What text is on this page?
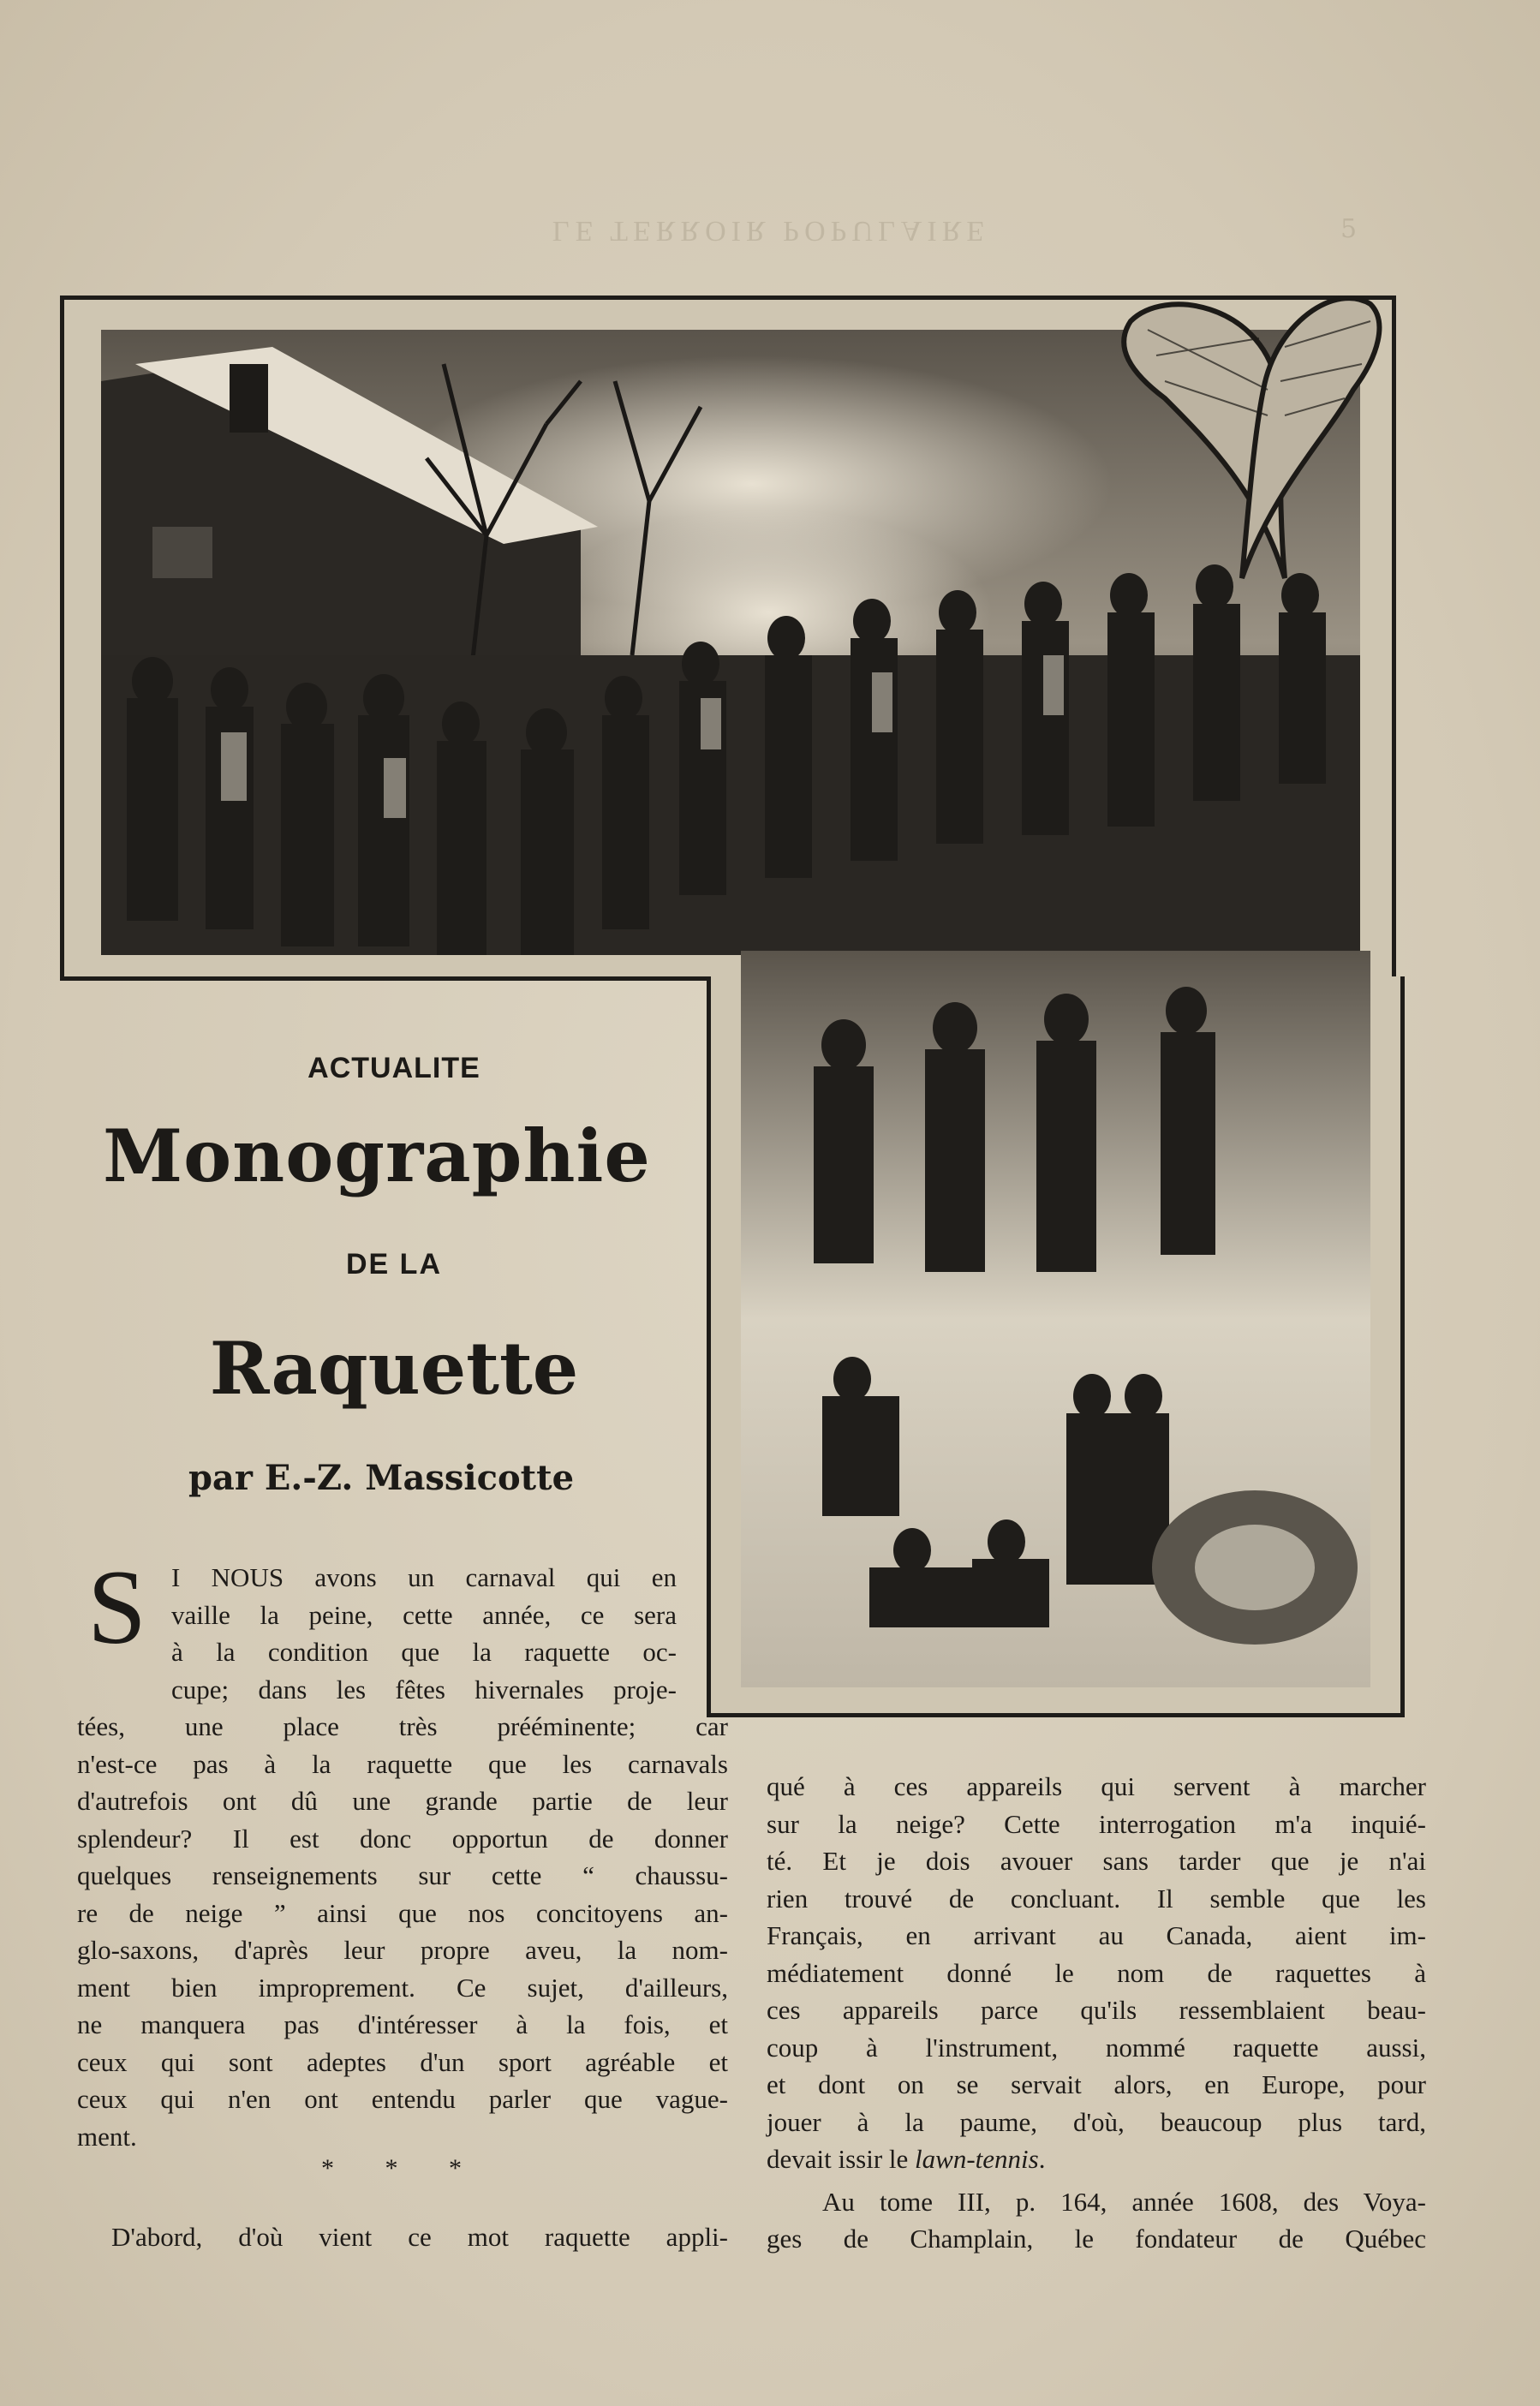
LE TERROIR POPULAIRE	5
ACTUALITE
Monographie
DE LA
Raquette
par E.-Z. Massicotte
S I NOUS avons un carnaval qui en
vaille la peine, cette année, ce sera
à la condition que la raquette oc-
cupe; dans les fêtes hivernales proje-
tées, une place très prééminente; car
n'est-ce pas à la raquette que les carnavals
d'autrefois ont dû une grande partie de leur
splendeur? Il est donc opportun de donner
quelques renseignements sur cette “ chaussu-
re de neige ” ainsi que nos concitoyens an-
glo-saxons, d'après leur propre aveu, la nom-
ment bien improprement. Ce sujet, d'ailleurs,
ne manquera pas d'intéresser à la fois, et
ceux qui sont adeptes d'un sport agréable et
ceux qui n'en ont entendu parler que vague-
ment.
* * *
D'abord, d'où vient ce mot raquette appli-
qué à ces appareils qui servent à marcher
sur la neige? Cette interrogation m'a inquié-
té. Et je dois avouer sans tarder que je n'ai
rien trouvé de concluant. Il semble que les
Français, en arrivant au Canada, aient im-
médiatement donné le nom de raquettes à
ces appareils parce qu'ils ressemblaient beau-
coup à l'instrument, nommé raquette aussi,
et dont on se servait alors, en Europe, pour
jouer à la paume, d'où, beaucoup plus tard,
devait issir le lawn-tennis.
Au tome III, p. 164, année 1608, des Voya-
ges de Champlain, le fondateur de Québec
